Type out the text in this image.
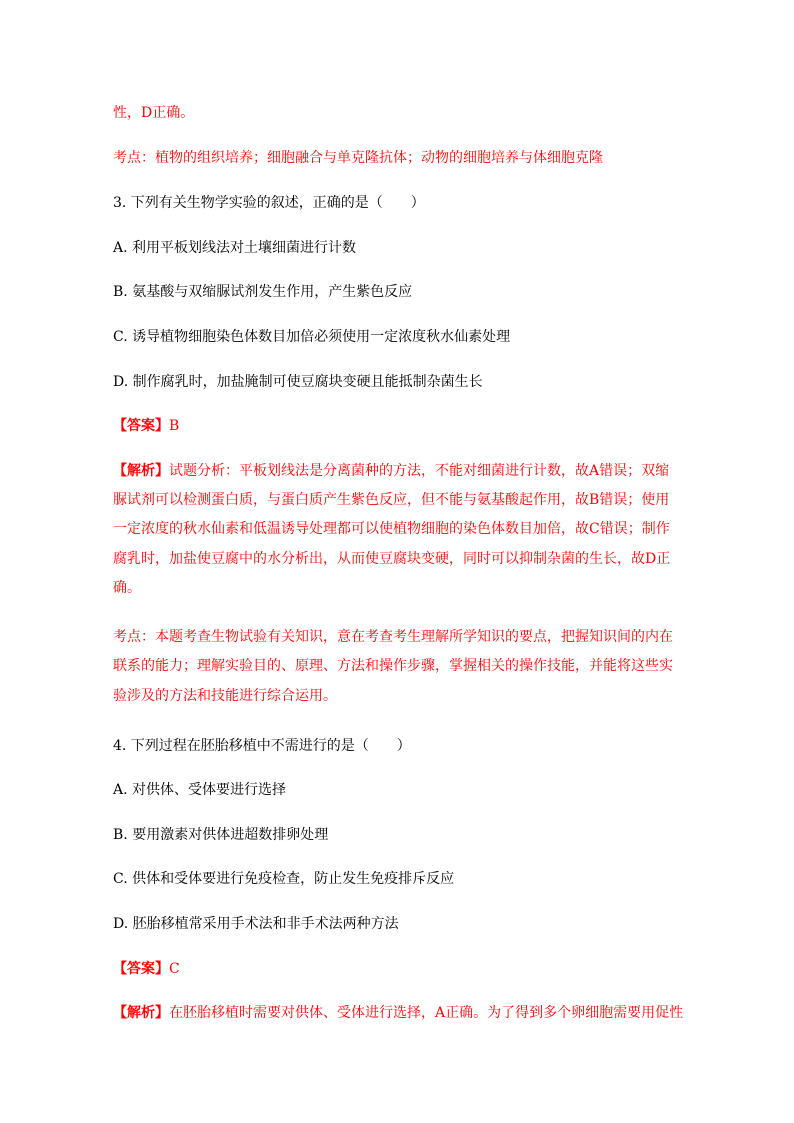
性，D正确。
考点：植物的组织培养；细胞融合与单克隆抗体；动物的细胞培养与体细胞克隆
3. 下列有关生物学实验的叙述，正确的是（　　）
A. 利用平板划线法对土壤细菌进行计数
B. 氨基酸与双缩脲试剂发生作用，产生紫色反应
C. 诱导植物细胞染色体数目加倍必须使用一定浓度秋水仙素处理
D. 制作腐乳时，加盐腌制可使豆腐块变硬且能抵制杂菌生长
【答案】B
【解析】试题分析：平板划线法是分离菌种的方法，不能对细菌进行计数，故A错误；双缩
脲试剂可以检测蛋白质，与蛋白质产生紫色反应，但不能与氨基酸起作用，故B错误；使用
一定浓度的秋水仙素和低温诱导处理都可以使植物细胞的染色体数目加倍，故C错误；制作
腐乳时，加盐使豆腐中的水分析出，从而使豆腐块变硬，同时可以抑制杂菌的生长，故D正
确。
考点：本题考查生物试验有关知识，意在考查考生理解所学知识的要点，把握知识间的内在
联系的能力；理解实验目的、原理、方法和操作步骤，掌握相关的操作技能，并能将这些实
验涉及的方法和技能进行综合运用。
4. 下列过程在胚胎移植中不需进行的是（　　）
A. 对供体、受体要进行选择
B. 要用激素对供体进超数排卵处理
C. 供体和受体要进行免疫检查，防止发生免疫排斥反应
D. 胚胎移植常采用手术法和非手术法两种方法
【答案】C
【解析】在胚胎移植时需要对供体、受体进行选择，A正确。为了得到多个卵细胞需要用促性
